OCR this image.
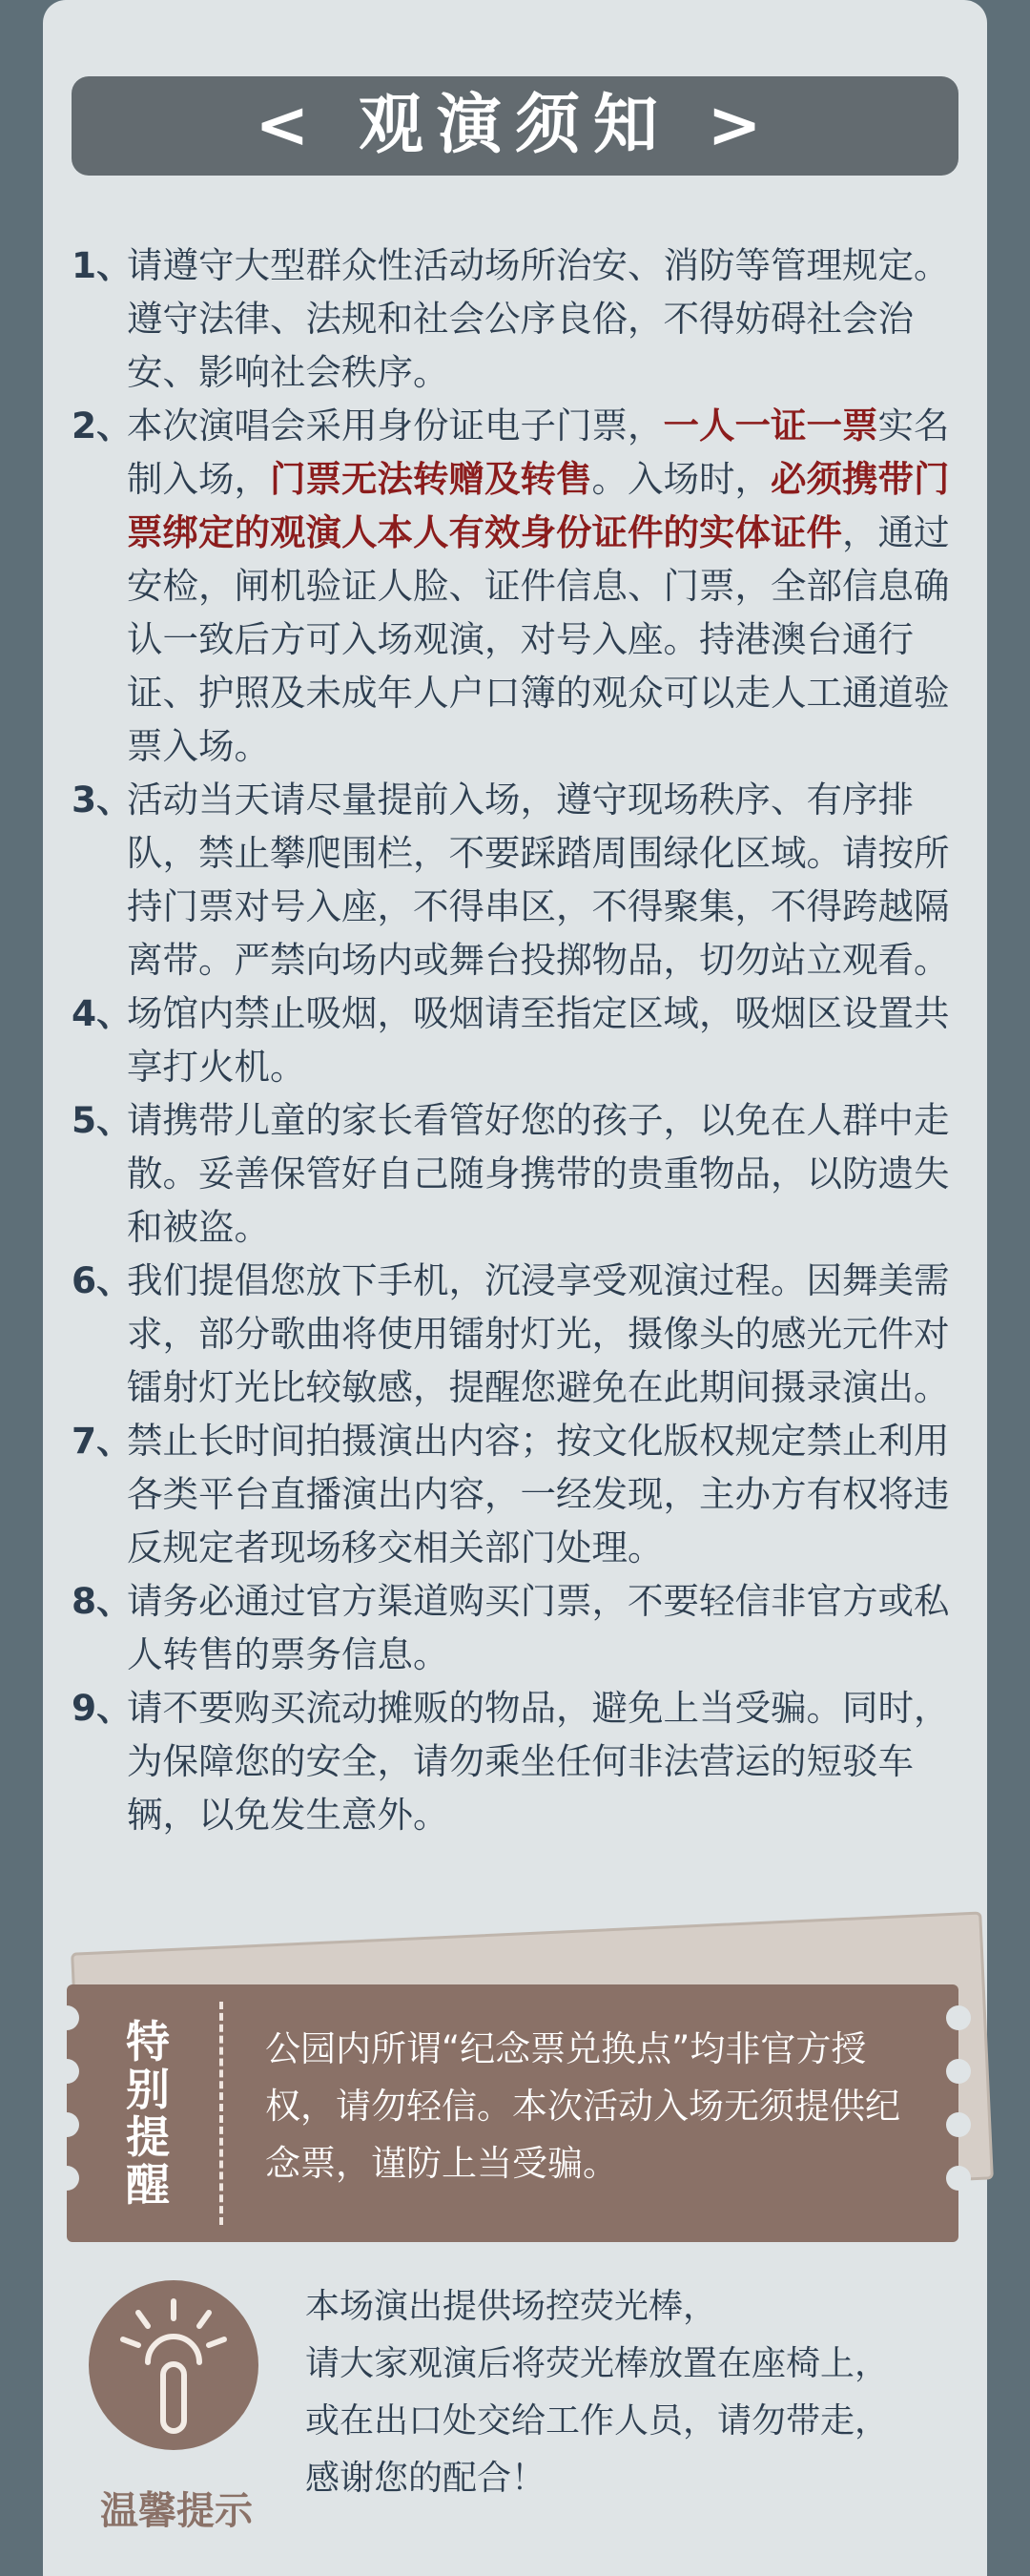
< 观演须知 >
1、
请遵守大型群众性活动场所治安、消防等管理规定。遵守法律、法规和社会公序良俗，不得妨碍社会治安、影响社会秩序。
2、
本次演唱会采用身份证电子门票，一人一证一票实名制入场，门票无法转赠及转售。入场时，必须携带门票绑定的观演人本人有效身份证件的实体证件，通过安检，闸机验证人脸、证件信息、门票，全部信息确认一致后方可入场观演，对号入座。持港澳台通行证、护照及未成年人户口簿的观众可以走人工通道验票入场。
3、
活动当天请尽量提前入场，遵守现场秩序、有序排队，禁止攀爬围栏，不要踩踏周围绿化区域。请按所持门票对号入座，不得串区，不得聚集，不得跨越隔离带。严禁向场内或舞台投掷物品，切勿站立观看。
4、
场馆内禁止吸烟，吸烟请至指定区域，吸烟区设置共享打火机。
5、
请携带儿童的家长看管好您的孩子，以免在人群中走散。妥善保管好自己随身携带的贵重物品，以防遗失和被盗。
6、
我们提倡您放下手机，沉浸享受观演过程。因舞美需求，部分歌曲将使用镭射灯光，摄像头的感光元件对镭射灯光比较敏感，提醒您避免在此期间摄录演出。
7、
禁止长时间拍摄演出内容；按文化版权规定禁止利用各类平台直播演出内容，一经发现，主办方有权将违反规定者现场移交相关部门处理。
8、
请务必通过官方渠道购买门票，不要轻信非官方或私人转售的票务信息。
9、
请不要购买流动摊贩的物品，避免上当受骗。同时，为保障您的安全，请勿乘坐任何非法营运的短驳车辆，以免发生意外。
特
别
提
醒
公园内所谓“纪念票兑换点”均非官方授权，请勿轻信。本次活动入场无须提供纪念票，谨防上当受骗。
温馨提示
本场演出提供场控荧光棒，
请大家观演后将荧光棒放置在座椅上，
或在出口处交给工作人员，请勿带走，
感谢您的配合！
